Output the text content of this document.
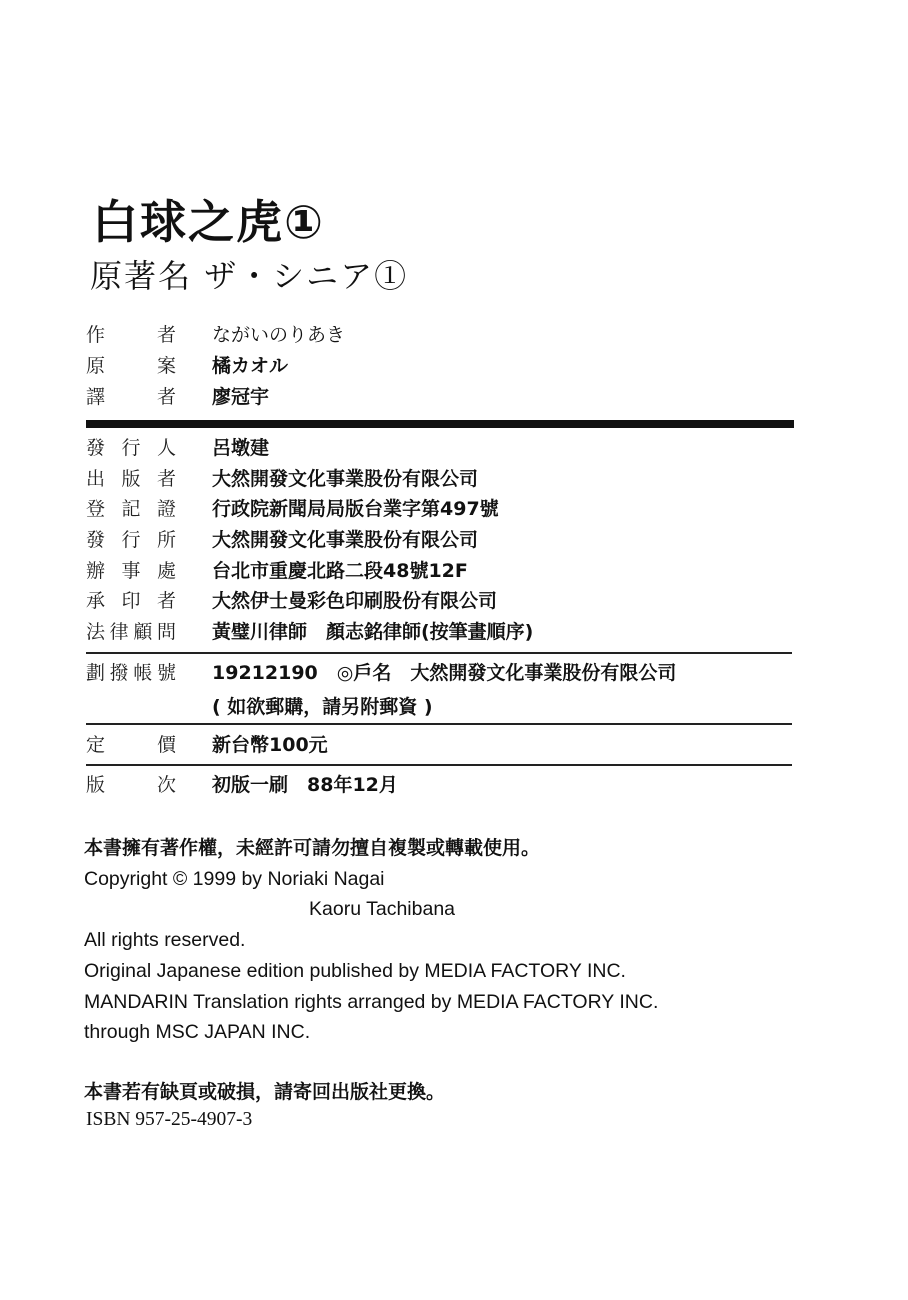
白球之虎①
原著名 ザ・シニア①
作　者 ながいのりあき
原　案 橘カオル
譯　者 廖冠宇
發行人 呂墩建
出版者 大然開發文化事業股份有限公司
登記證 行政院新聞局局版台業字第497號
發行所 大然開發文化事業股份有限公司
辦事處 台北市重慶北路二段48號12F
承印者 大然伊士曼彩色印刷股份有限公司
法律顧問 黃璧川律師　顏志銘律師(按筆畫順序)
劃撥帳號 19212190　◎戶名　大然開發文化事業股份有限公司
( 如欲郵購，請另附郵資 )
定　價 新台幣100元
版　次 初版一刷　88年12月
本書擁有著作權，未經許可請勿擅自複製或轉載使用。
Copyright © 1999 by Noriaki Nagai
Kaoru Tachibana
All rights reserved.
Original Japanese edition published by MEDIA FACTORY INC.
MANDARIN Translation rights arranged by MEDIA FACTORY INC.
through MSC JAPAN INC.
本書若有缺頁或破損，請寄回出版社更換。
ISBN 957-25-4907-3
